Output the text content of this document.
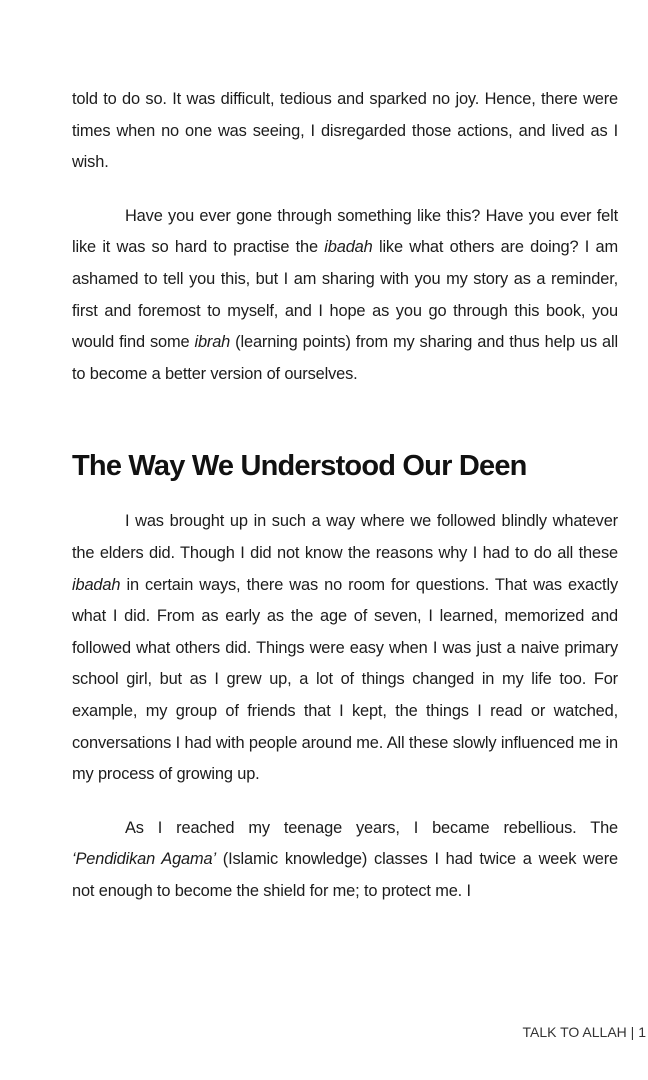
told to do so. It was difficult, tedious and sparked no joy. Hence, there were times when no one was seeing, I disregarded those actions, and lived as I wish.

Have you ever gone through something like this? Have you ever felt like it was so hard to practise the ibadah like what others are doing? I am ashamed to tell you this, but I am sharing with you my story as a reminder, first and foremost to myself, and I hope as you go through this book, you would find some ibrah (learning points) from my sharing and thus help us all to become a better version of ourselves.

The Way We Understood Our Deen

I was brought up in such a way where we followed blindly whatever the elders did. Though I did not know the reasons why I had to do all these ibadah in certain ways, there was no room for questions. That was exactly what I did. From as early as the age of seven, I learned, memorized and followed what others did. Things were easy when I was just a naive primary school girl, but as I grew up, a lot of things changed in my life too. For example, my group of friends that I kept, the things I read or watched, conversations I had with people around me. All these slowly influenced me in my process of growing up.

As I reached my teenage years, I became rebellious. The ‘Pendidikan Agama’ (Islamic knowledge) classes I had twice a week were not enough to become the shield for me; to protect me. I

TALK TO ALLAH | 1
